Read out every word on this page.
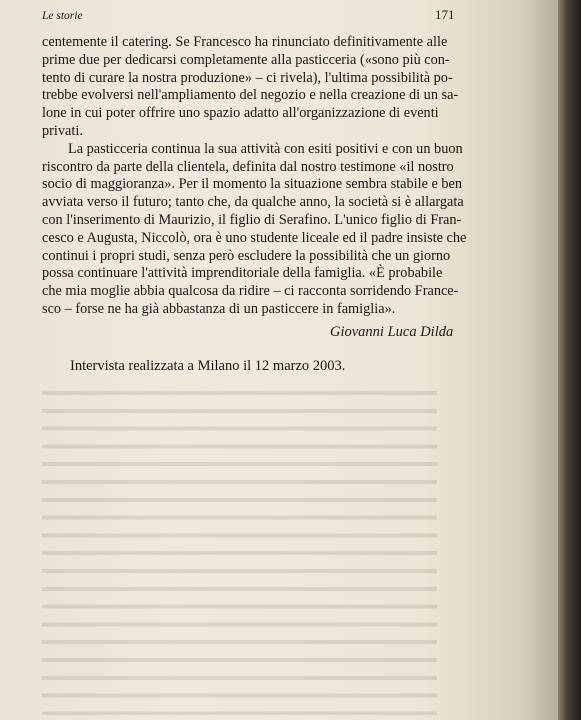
Le storie	171
centemente il catering. Se Francesco ha rinunciato definitivamente alle
prime due per dedicarsi completamente alla pasticceria («sono più con-
tento di curare la nostra produzione» – ci rivela), l'ultima possibilità po-
trebbe evolversi nell'ampliamento del negozio e nella creazione di un sa-
lone in cui poter offrire uno spazio adatto all'organizzazione di eventi
privati.
La pasticceria continua la sua attività con esiti positivi e con un buon
riscontro da parte della clientela, definita dal nostro testimone «il nostro
socio di maggioranza». Per il momento la situazione sembra stabile e ben
avviata verso il futuro; tanto che, da qualche anno, la società si è allargata
con l'inserimento di Maurizio, il figlio di Serafino. L'unico figlio di Fran-
cesco e Augusta, Niccolò, ora è uno studente liceale ed il padre insiste che
continui i propri studi, senza però escludere la possibilità che un giorno
possa continuare l'attività imprenditoriale della famiglia. «È probabile
che mia moglie abbia qualcosa da ridire – ci racconta sorridendo France-
sco – forse ne ha già abbastanza di un pasticcere in famiglia».
Giovanni Luca Dilda
Intervista realizzata a Milano il 12 marzo 2003.
